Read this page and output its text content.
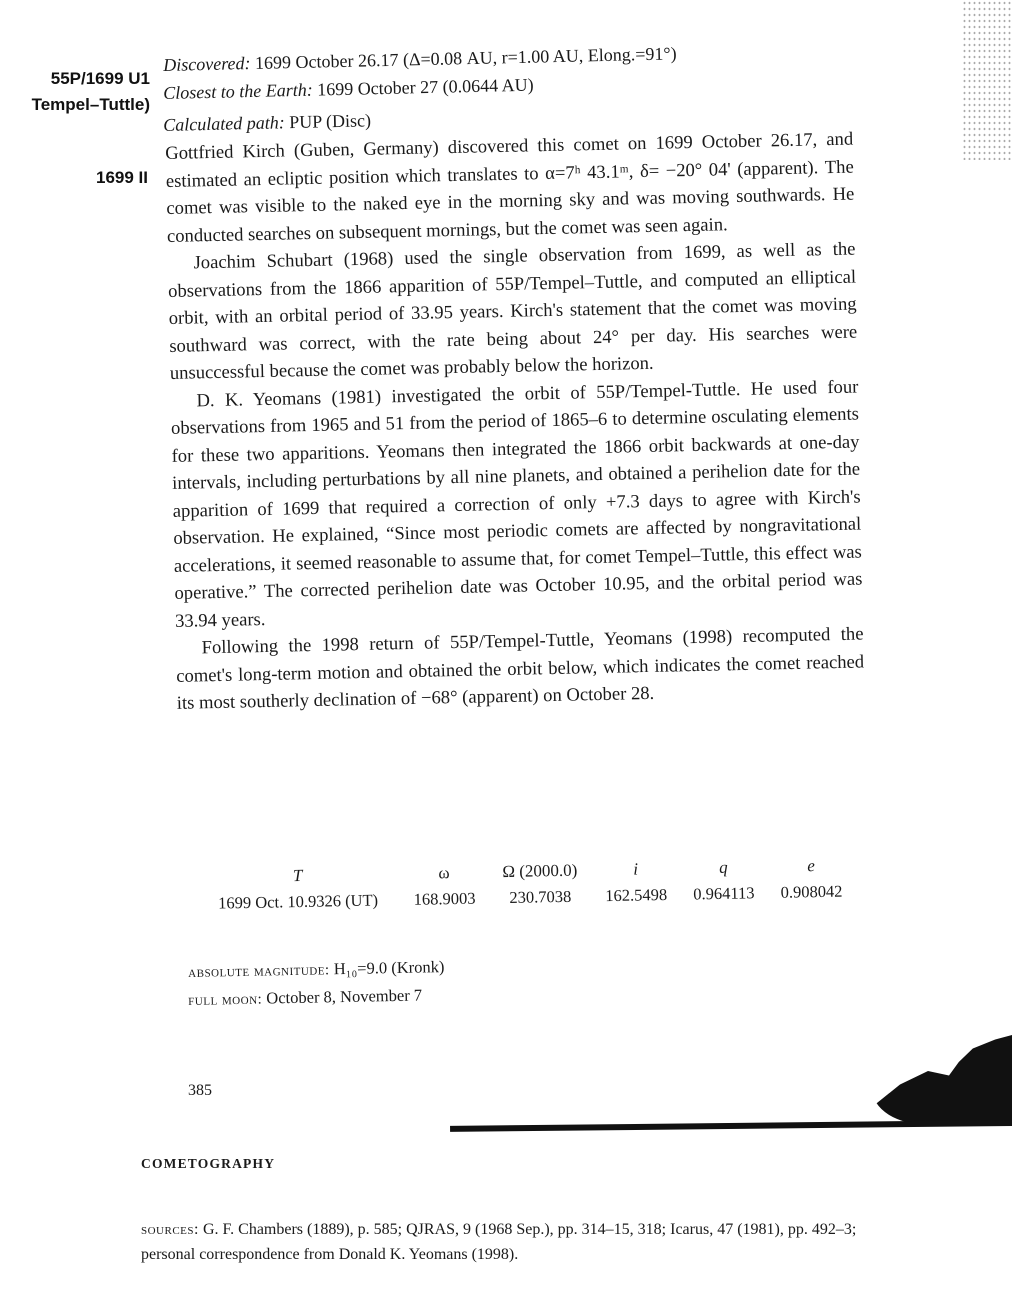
55P/1699 U1
Tempel–Tuttle)
Discovered: 1699 October 26.17 (Δ=0.08 AU, r=1.00 AU, Elong.=91°)
Closest to the Earth: 1699 October 27 (0.0644 AU)
Calculated path: PUP (Disc)
1699 II

Gottfried Kirch (Guben, Germany) discovered this comet on 1699 October 26.17, and estimated an ecliptic position which translates to α=7ʰ 43.1ᵐ, δ= −20° 04' (apparent). The comet was visible to the naked eye in the morning sky and was moving southwards. He conducted searches on subsequent mornings, but the comet was seen again.

Joachim Schubart (1968) used the single observation from 1699, as well as the observations from the 1866 apparition of 55P/Tempel–Tuttle, and computed an elliptical orbit, with an orbital period of 33.95 years. Kirch's statement that the comet was moving southward was correct, with the rate being about 24° per day. His searches were unsuccessful because the comet was probably below the horizon.

D. K. Yeomans (1981) investigated the orbit of 55P/Tempel-Tuttle. He used four observations from 1965 and 51 from the period of 1865–6 to determine osculating elements for these two apparitions. Yeomans then integrated the 1866 orbit backwards at one-day intervals, including perturbations by all nine planets, and obtained a perihelion date for the apparition of 1699 that required a correction of only +7.3 days to agree with Kirch's observation. He explained, “Since most periodic comets are affected by nongravitational accelerations, it seemed reasonable to assume that, for comet Tempel–Tuttle, this effect was operative.” The corrected perihelion date was October 10.95, and the orbital period was 33.94 years.

Following the 1998 return of 55P/Tempel-Tuttle, Yeomans (1998) recomputed the comet's long-term motion and obtained the orbit below, which indicates the comet reached its most southerly declination of −68° (apparent) on October 28.

T	ω	Ω (2000.0)	i	q	e
1699 Oct. 10.9326 (UT)	168.9003	230.7038	162.5498	0.964113	0.908042
absolute magnitude: H₁₀=9.0 (Kronk)
full moon: October 8, November 7
385
COMETOGRAPHY
sources: G. F. Chambers (1889), p. 585; QJRAS, 9 (1968 Sep.), pp. 314–15, 318; Icarus, 47 (1981), pp. 492–3; personal correspondence from Donald K. Yeomans (1998).
